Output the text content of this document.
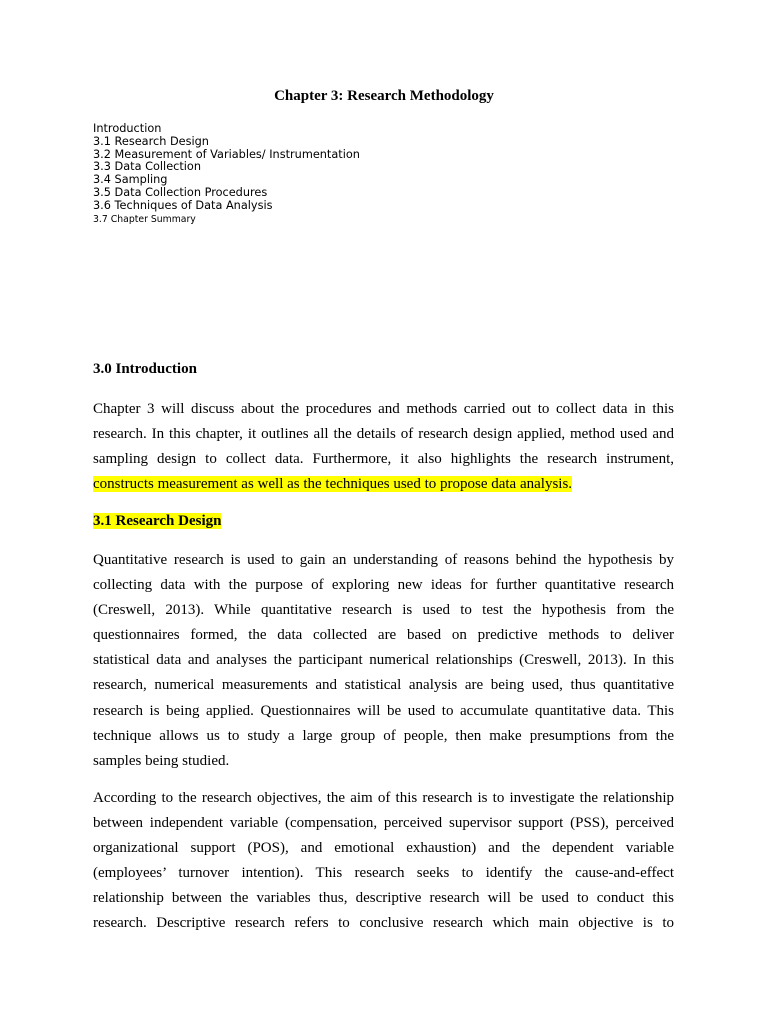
Chapter 3: Research Methodology
Introduction
3.1 Research Design
3.2 Measurement of Variables/ Instrumentation
3.3 Data Collection
3.4 Sampling
3.5 Data Collection Procedures
3.6 Techniques of Data Analysis
3.7 Chapter Summary
3.0 Introduction
Chapter 3 will discuss about the procedures and methods carried out to collect data in this
research. In this chapter, it outlines all the details of research design applied, method used and
sampling design to collect data. Furthermore, it also highlights the research instrument,
constructs measurement as well as the techniques used to propose data analysis.
3.1 Research Design
Quantitative research is used to gain an understanding of reasons behind the hypothesis by
collecting data with the purpose of exploring new ideas for further quantitative research
(Creswell, 2013). While quantitative research is used to test the hypothesis from the
questionnaires formed, the data collected are based on predictive methods to deliver
statistical data and analyses the participant numerical relationships (Creswell, 2013). In this
research, numerical measurements and statistical analysis are being used, thus quantitative
research is being applied. Questionnaires will be used to accumulate quantitative data. This
technique allows us to study a large group of people, then make presumptions from the
samples being studied.
According to the research objectives, the aim of this research is to investigate the relationship
between independent variable (compensation, perceived supervisor support (PSS), perceived
organizational support (POS), and emotional exhaustion) and the dependent variable
(employees’ turnover intention). This research seeks to identify the cause-and-effect
relationship between the variables thus, descriptive research will be used to conduct this
research. Descriptive research refers to conclusive research which main objective is to
